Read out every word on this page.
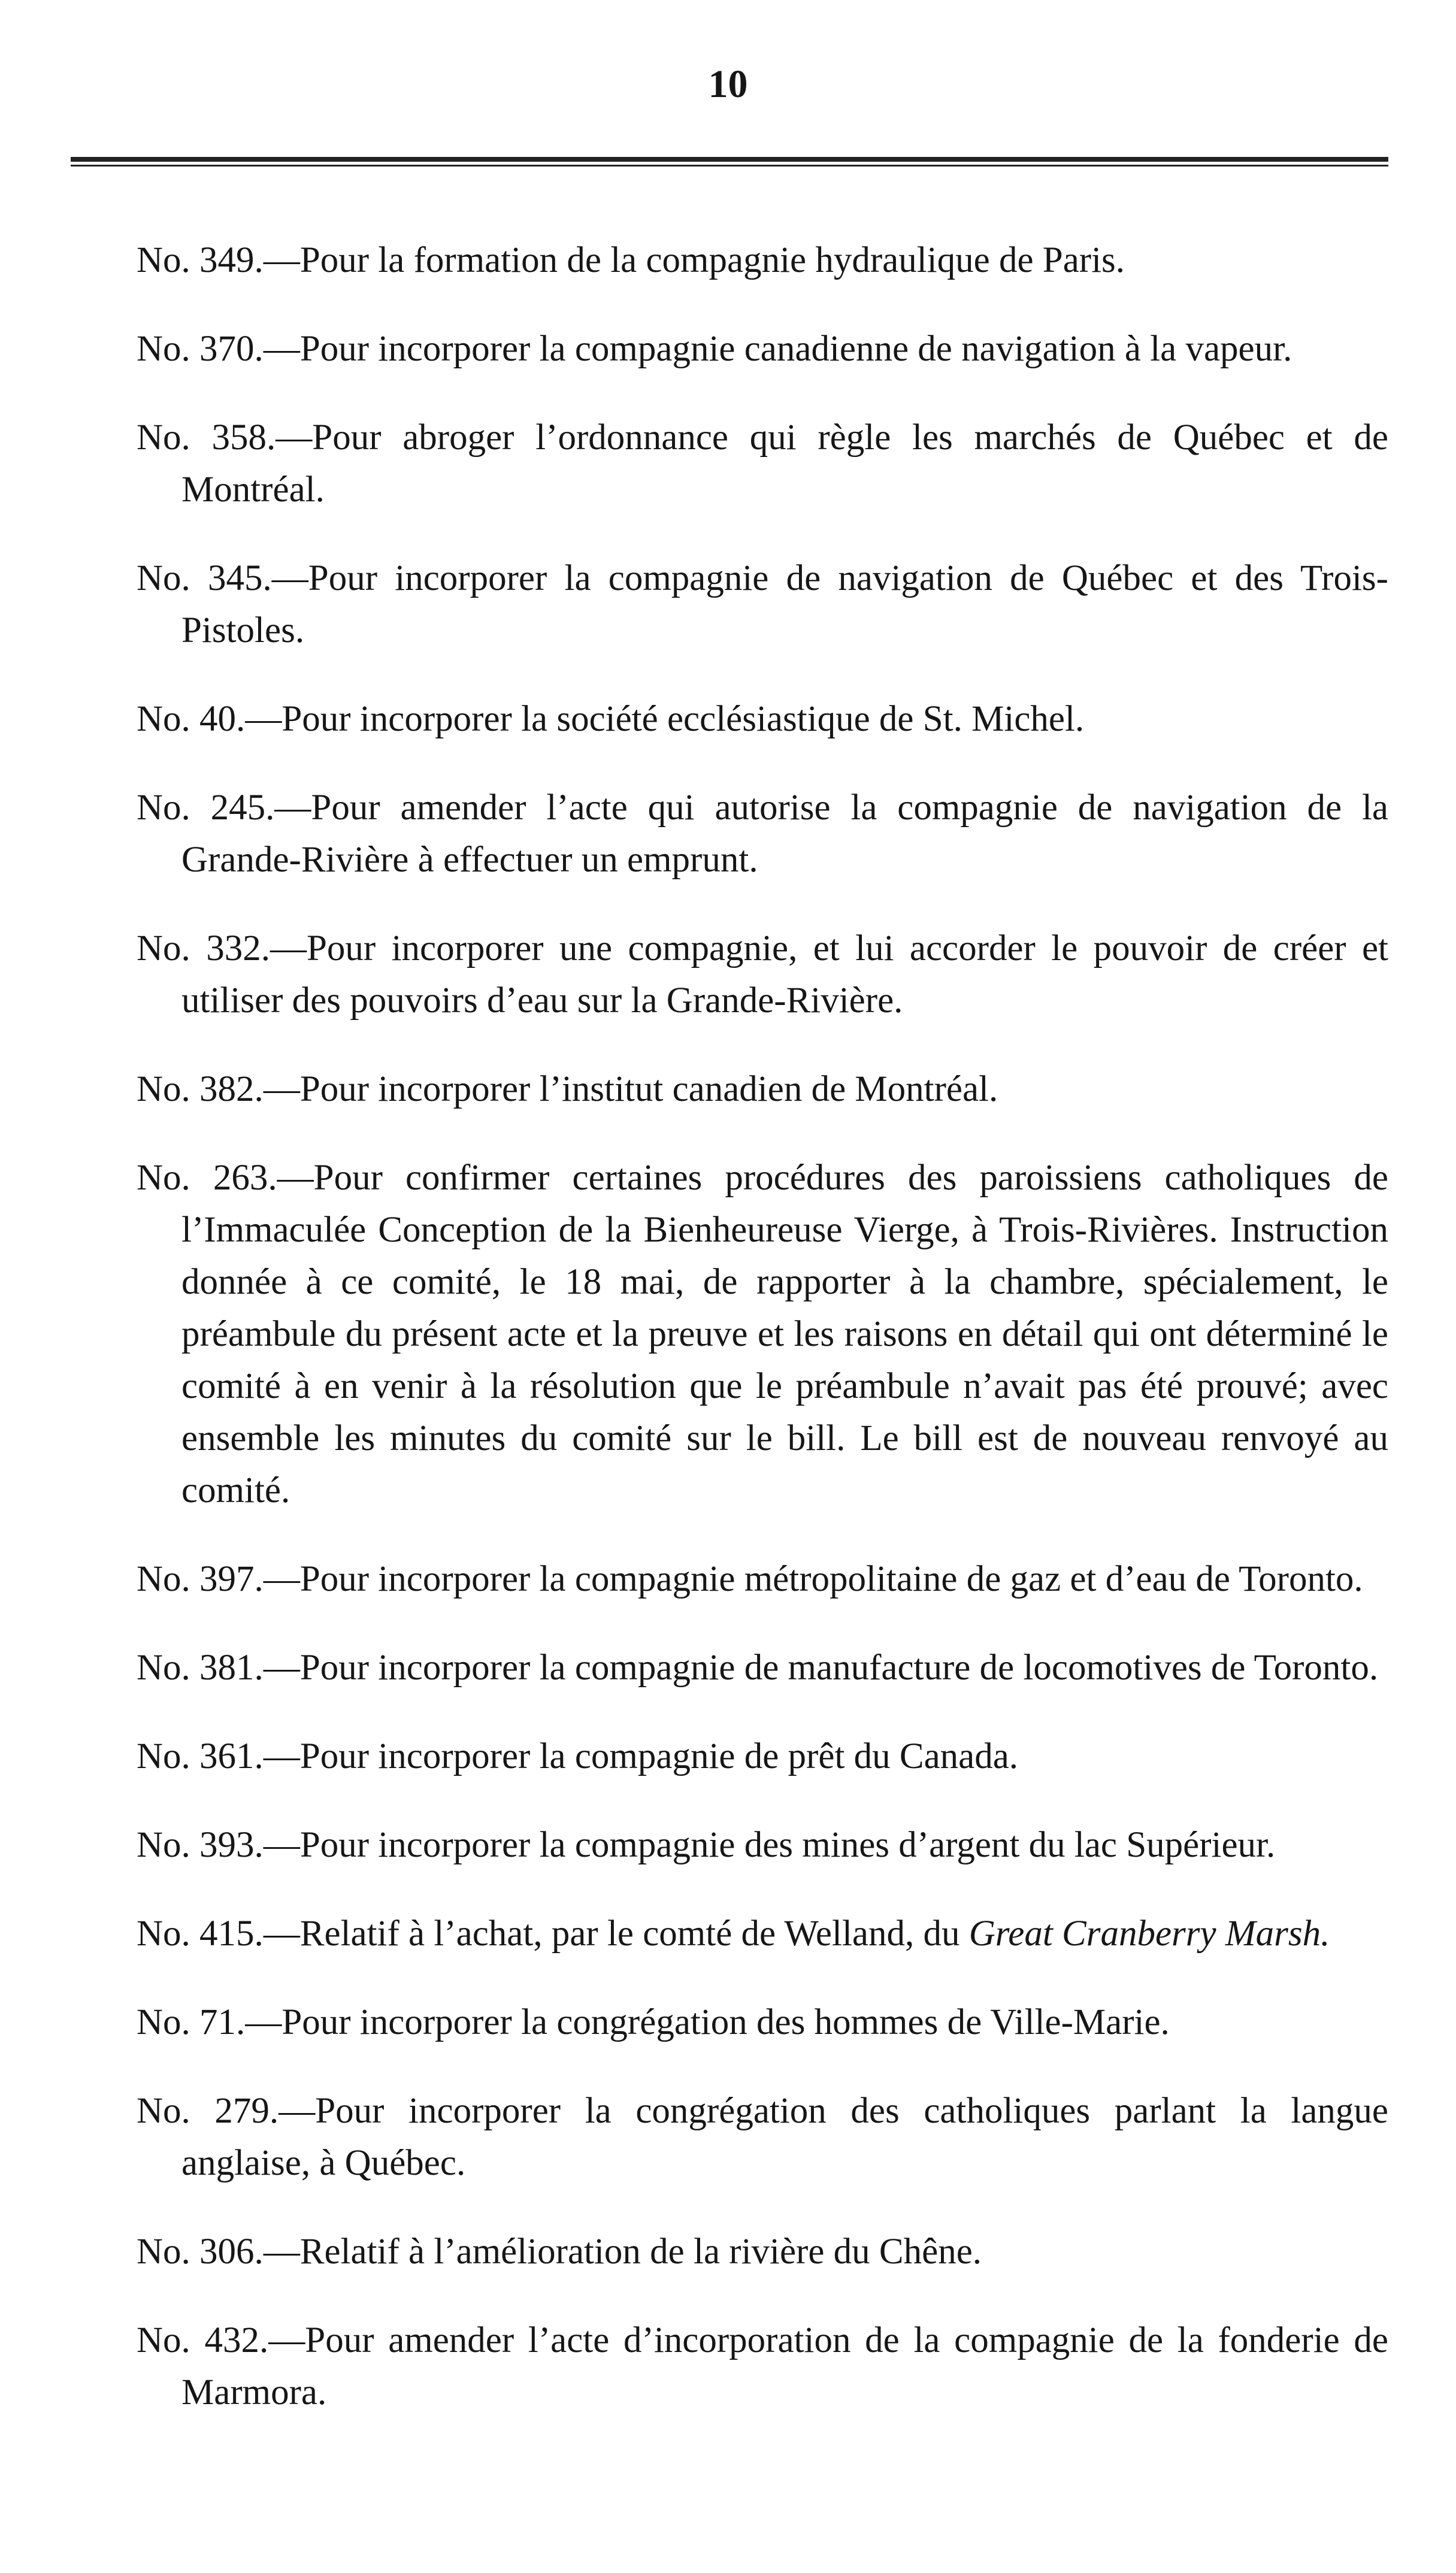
10

No. 349.—Pour la formation de la compagnie hydraulique de Paris.

No. 370.—Pour incorporer la compagnie canadienne de navigation à la vapeur.

No. 358.—Pour abroger l’ordonnance qui règle les marchés de Québec et de Montréal.

No. 345.—Pour incorporer la compagnie de navigation de Québec et des Trois-Pistoles.

No. 40.—Pour incorporer la société ecclésiastique de St. Michel.

No. 245.—Pour amender l’acte qui autorise la compagnie de navigation de la Grande-Rivière à effectuer un emprunt.

No. 332.—Pour incorporer une compagnie, et lui accorder le pouvoir de créer et utiliser des pouvoirs d’eau sur la Grande-Rivière.

No. 382.—Pour incorporer l’institut canadien de Montréal.

No. 263.—Pour confirmer certaines procédures des paroissiens catholiques de l’Immaculée Conception de la Bienheureuse Vierge, à Trois-Rivières. Instruction donnée à ce comité, le 18 mai, de rapporter à la chambre, spécialement, le préambule du présent acte et la preuve et les raisons en détail qui ont déterminé le comité à en venir à la résolution que le préambule n’avait pas été prouvé; avec ensemble les minutes du comité sur le bill. Le bill est de nouveau renvoyé au comité.

No. 397.—Pour incorporer la compagnie métropolitaine de gaz et d’eau de Toronto.

No. 381.—Pour incorporer la compagnie de manufacture de locomotives de Toronto.

No. 361.—Pour incorporer la compagnie de prêt du Canada.

No. 393.—Pour incorporer la compagnie des mines d’argent du lac Supérieur.

No. 415.—Relatif à l’achat, par le comté de Welland, du Great Cranberry Marsh.

No. 71.—Pour incorporer la congrégation des hommes de Ville-Marie.

No. 279.—Pour incorporer la congrégation des catholiques parlant la langue anglaise, à Québec.

No. 306.—Relatif à l’amélioration de la rivière du Chêne.

No. 432.—Pour amender l’acte d’incorporation de la compagnie de la fonderie de Marmora.
